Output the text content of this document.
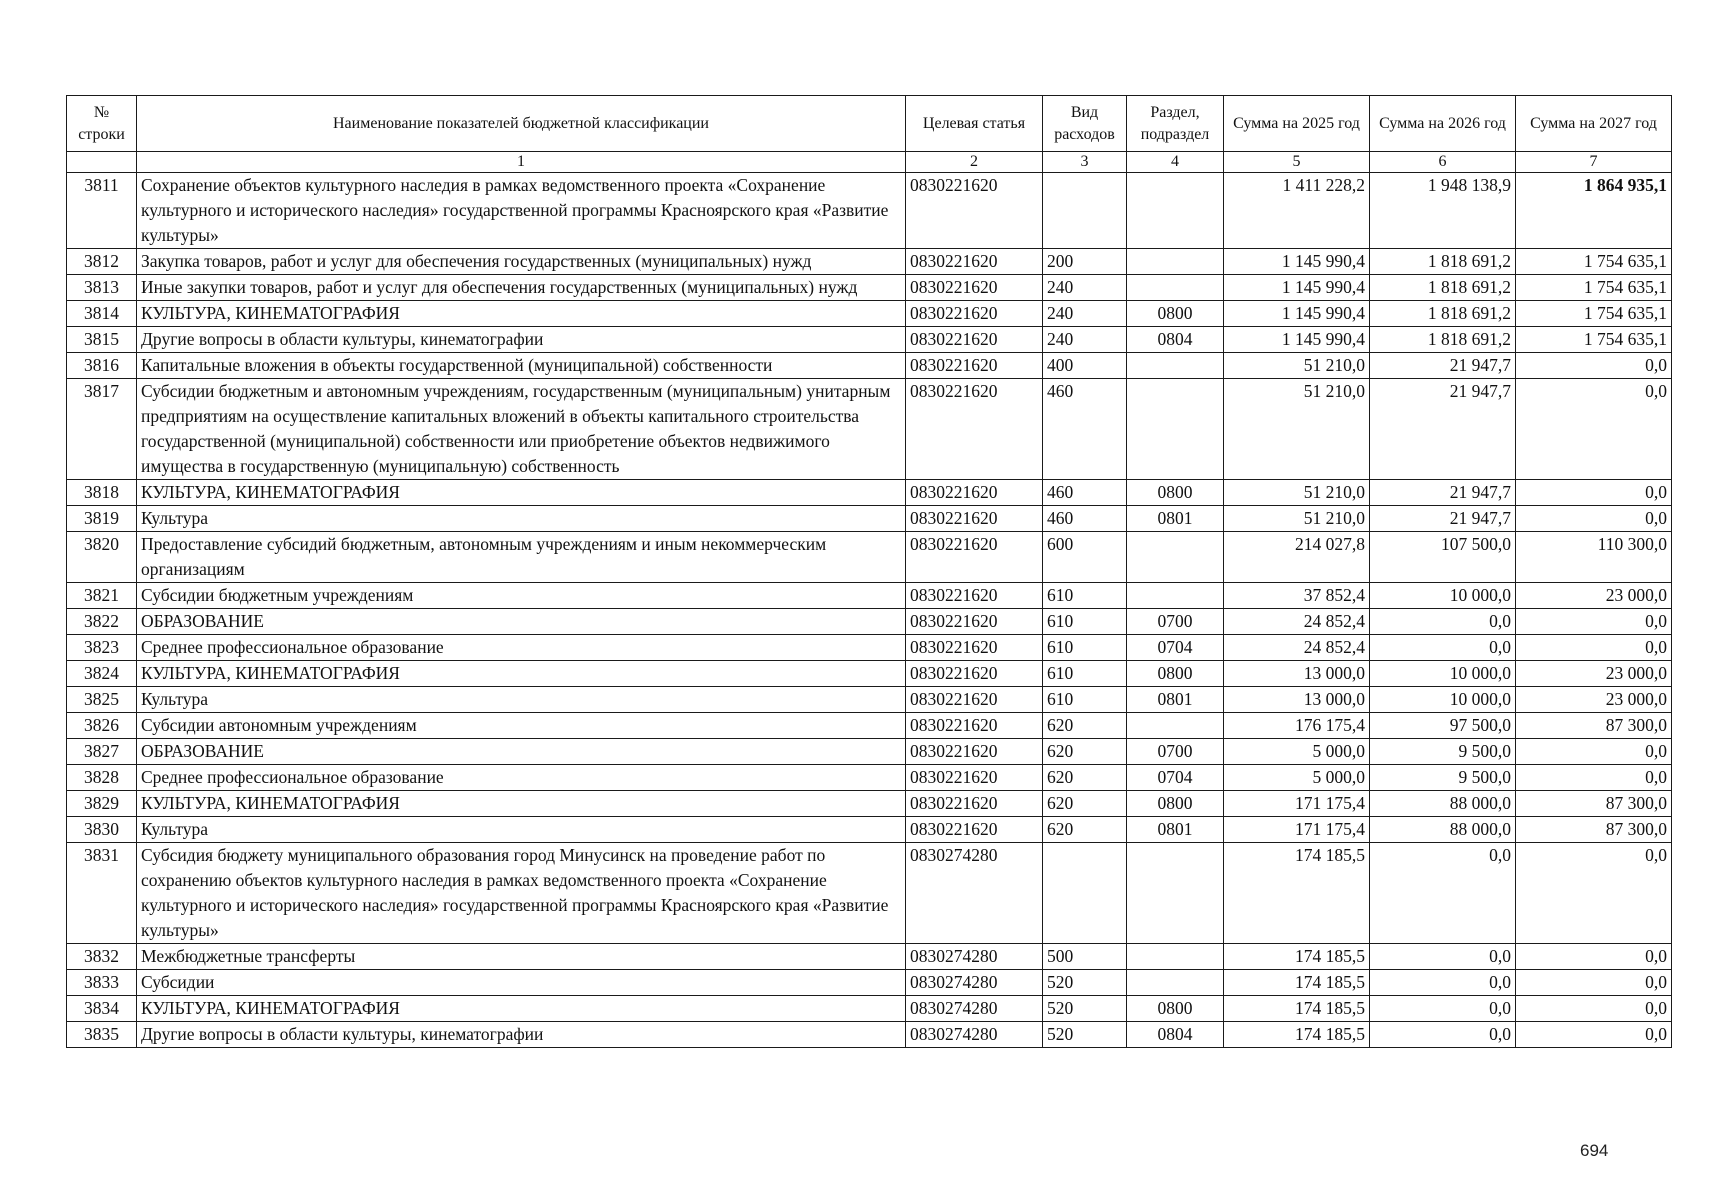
№ строки	Наименование показателей бюджетной классификации	Целевая статья	Вид расходов	Раздел, подраздел	Сумма на 2025 год	Сумма на 2026 год	Сумма на 2027 год
	1	2	3	4	5	6	7
3811	Сохранение объектов культурного наследия в рамках ведомственного проекта «Сохранение культурного и исторического наследия» государственной программы Красноярского края «Развитие культуры»	0830221620			1 411 228,2	1 948 138,9	1 864 935,1
3812	Закупка товаров, работ и услуг для обеспечения государственных (муниципальных) нужд	0830221620	200		1 145 990,4	1 818 691,2	1 754 635,1
3813	Иные закупки товаров, работ и услуг для обеспечения государственных (муниципальных) нужд	0830221620	240		1 145 990,4	1 818 691,2	1 754 635,1
3814	КУЛЬТУРА, КИНЕМАТОГРАФИЯ	0830221620	240	0800	1 145 990,4	1 818 691,2	1 754 635,1
3815	Другие вопросы в области культуры, кинематографии	0830221620	240	0804	1 145 990,4	1 818 691,2	1 754 635,1
3816	Капитальные вложения в объекты государственной (муниципальной) собственности	0830221620	400		51 210,0	21 947,7	0,0
3817	Субсидии бюджетным и автономным учреждениям, государственным (муниципальным) унитарным предприятиям на осуществление капитальных вложений в объекты капитального строительства государственной (муниципальной) собственности или приобретение объектов недвижимого имущества в государственную (муниципальную) собственность	0830221620	460		51 210,0	21 947,7	0,0
3818	КУЛЬТУРА, КИНЕМАТОГРАФИЯ	0830221620	460	0800	51 210,0	21 947,7	0,0
3819	Культура	0830221620	460	0801	51 210,0	21 947,7	0,0
3820	Предоставление субсидий бюджетным, автономным учреждениям и иным некоммерческим организациям	0830221620	600		214 027,8	107 500,0	110 300,0
3821	Субсидии бюджетным учреждениям	0830221620	610		37 852,4	10 000,0	23 000,0
3822	ОБРАЗОВАНИЕ	0830221620	610	0700	24 852,4	0,0	0,0
3823	Среднее профессиональное образование	0830221620	610	0704	24 852,4	0,0	0,0
3824	КУЛЬТУРА, КИНЕМАТОГРАФИЯ	0830221620	610	0800	13 000,0	10 000,0	23 000,0
3825	Культура	0830221620	610	0801	13 000,0	10 000,0	23 000,0
3826	Субсидии автономным учреждениям	0830221620	620		176 175,4	97 500,0	87 300,0
3827	ОБРАЗОВАНИЕ	0830221620	620	0700	5 000,0	9 500,0	0,0
3828	Среднее профессиональное образование	0830221620	620	0704	5 000,0	9 500,0	0,0
3829	КУЛЬТУРА, КИНЕМАТОГРАФИЯ	0830221620	620	0800	171 175,4	88 000,0	87 300,0
3830	Культура	0830221620	620	0801	171 175,4	88 000,0	87 300,0
3831	Субсидия бюджету муниципального образования город Минусинск на проведение работ по сохранению объектов культурного наследия в рамках ведомственного проекта «Сохранение культурного и исторического наследия» государственной программы Красноярского края «Развитие культуры»	0830274280			174 185,5	0,0	0,0
3832	Межбюджетные трансферты	0830274280	500		174 185,5	0,0	0,0
3833	Субсидии	0830274280	520		174 185,5	0,0	0,0
3834	КУЛЬТУРА, КИНЕМАТОГРАФИЯ	0830274280	520	0800	174 185,5	0,0	0,0
3835	Другие вопросы в области культуры, кинематографии	0830274280	520	0804	174 185,5	0,0	0,0
694
